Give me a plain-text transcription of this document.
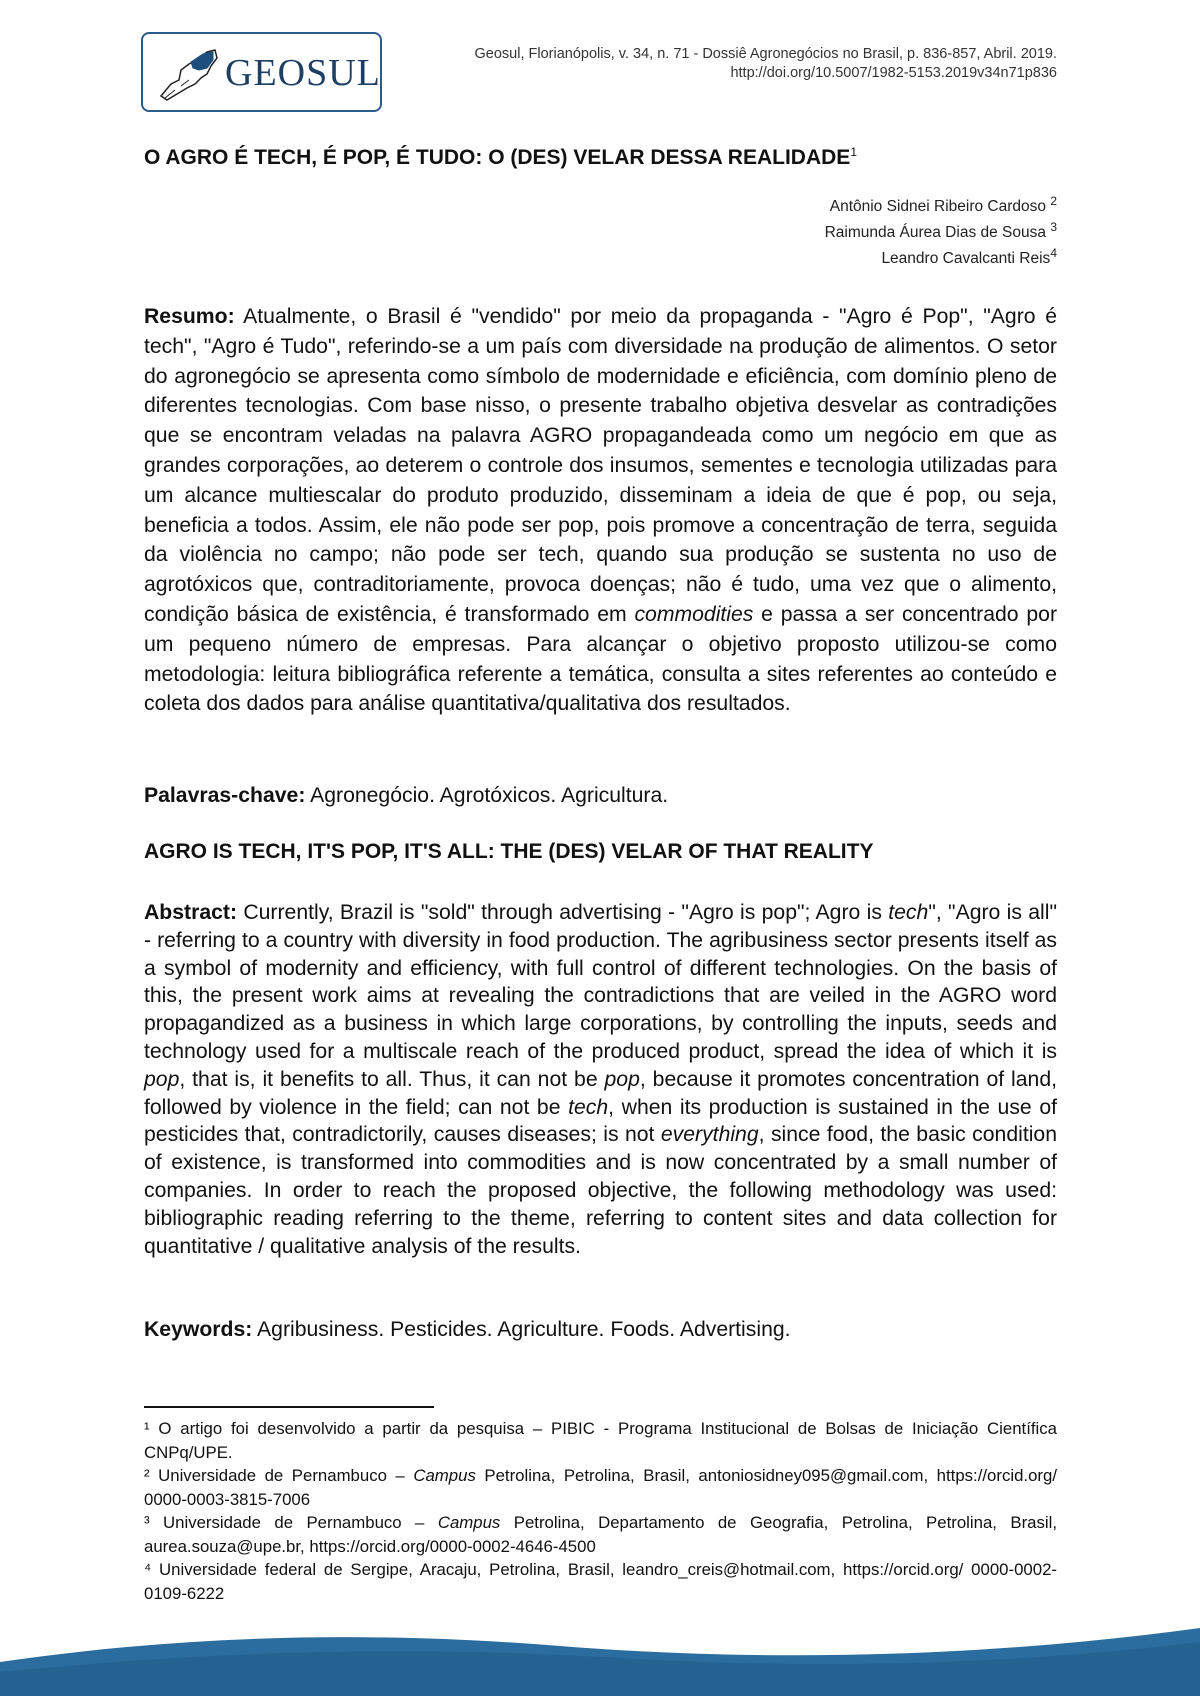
GEOSUL	Geosul, Florianópolis, v. 34, n. 71 - Dossiê Agronegócios no Brasil, p. 836-857, Abril. 2019.
http://doi.org/10.5007/1982-5153.2019v34n71p836
O AGRO É TECH, É POP, É TUDO: O (DES) VELAR DESSA REALIDADE$^1$
Antônio Sidnei Ribeiro Cardoso $^2$
Raimunda Áurea Dias de Sousa $^3$
Leandro Cavalcanti Reis$^4$

Resumo: Atualmente, o Brasil é "vendido" por meio da propaganda - "Agro é Pop", "Agro é tech", "Agro é Tudo", referindo-se a um país com diversidade na produção de alimentos. O setor do agronegócio se apresenta como símbolo de modernidade e eficiência, com domínio pleno de diferentes tecnologias. Com base nisso, o presente trabalho objetiva desvelar as contradições que se encontram veladas na palavra AGRO propagandeada como um negócio em que as grandes corporações, ao deterem o controle dos insumos, sementes e tecnologia utilizadas para um alcance multiescalar do produto produzido, disseminam a ideia de que é pop, ou seja, beneficia a todos. Assim, ele não pode ser pop, pois promove a concentração de terra, seguida da violência no campo; não pode ser tech, quando sua produção se sustenta no uso de agrotóxicos que, contraditoriamente, provoca doenças; não é tudo, uma vez que o alimento, condição básica de existência, é transformado em commodities e passa a ser concentrado por um pequeno número de empresas. Para alcançar o objetivo proposto utilizou-se como metodologia: leitura bibliográfica referente a temática, consulta a sites referentes ao conteúdo e coleta dos dados para análise quantitativa/qualitativa dos resultados.

Palavras-chave: Agronegócio. Agrotóxicos. Agricultura.

AGRO IS TECH, IT'S POP, IT'S ALL: THE (DES) VELAR OF THAT REALITY

Abstract: Currently, Brazil is "sold" through advertising - "Agro is pop"; Agro is tech", "Agro is all" - referring to a country with diversity in food production. The agribusiness sector presents itself as a symbol of modernity and efficiency, with full control of different technologies. On the basis of this, the present work aims at revealing the contradictions that are veiled in the AGRO word propagandized as a business in which large corporations, by controlling the inputs, seeds and technology used for a multiscale reach of the produced product, spread the idea of which it is pop, that is, it benefits to all. Thus, it can not be pop, because it promotes concentration of land, followed by violence in the field; can not be tech, when its production is sustained in the use of pesticides that, contradictorily, causes diseases; is not everything, since food, the basic condition of existence, is transformed into commodities and is now concentrated by a small number of companies. In order to reach the proposed objective, the following methodology was used: bibliographic reading referring to the theme, referring to content sites and data collection for quantitative / qualitative analysis of the results.

Keywords: Agribusiness. Pesticides. Agriculture. Foods. Advertising.

¹ O artigo foi desenvolvido a partir da pesquisa – PIBIC - Programa Institucional de Bolsas de Iniciação Científica CNPq/UPE.

² Universidade de Pernambuco – Campus Petrolina, Petrolina, Brasil, antoniosidney095@gmail.com, https://orcid.org/ 0000-0003-3815-7006

³ Universidade de Pernambuco – Campus Petrolina, Departamento de Geografia, Petrolina, Petrolina, Brasil, aurea.souza@upe.br, https://orcid.org/0000-0002-4646-4500

⁴ Universidade federal de Sergipe, Aracaju, Petrolina, Brasil, leandro_creis@hotmail.com, https://orcid.org/ 0000-0002-0109-6222
